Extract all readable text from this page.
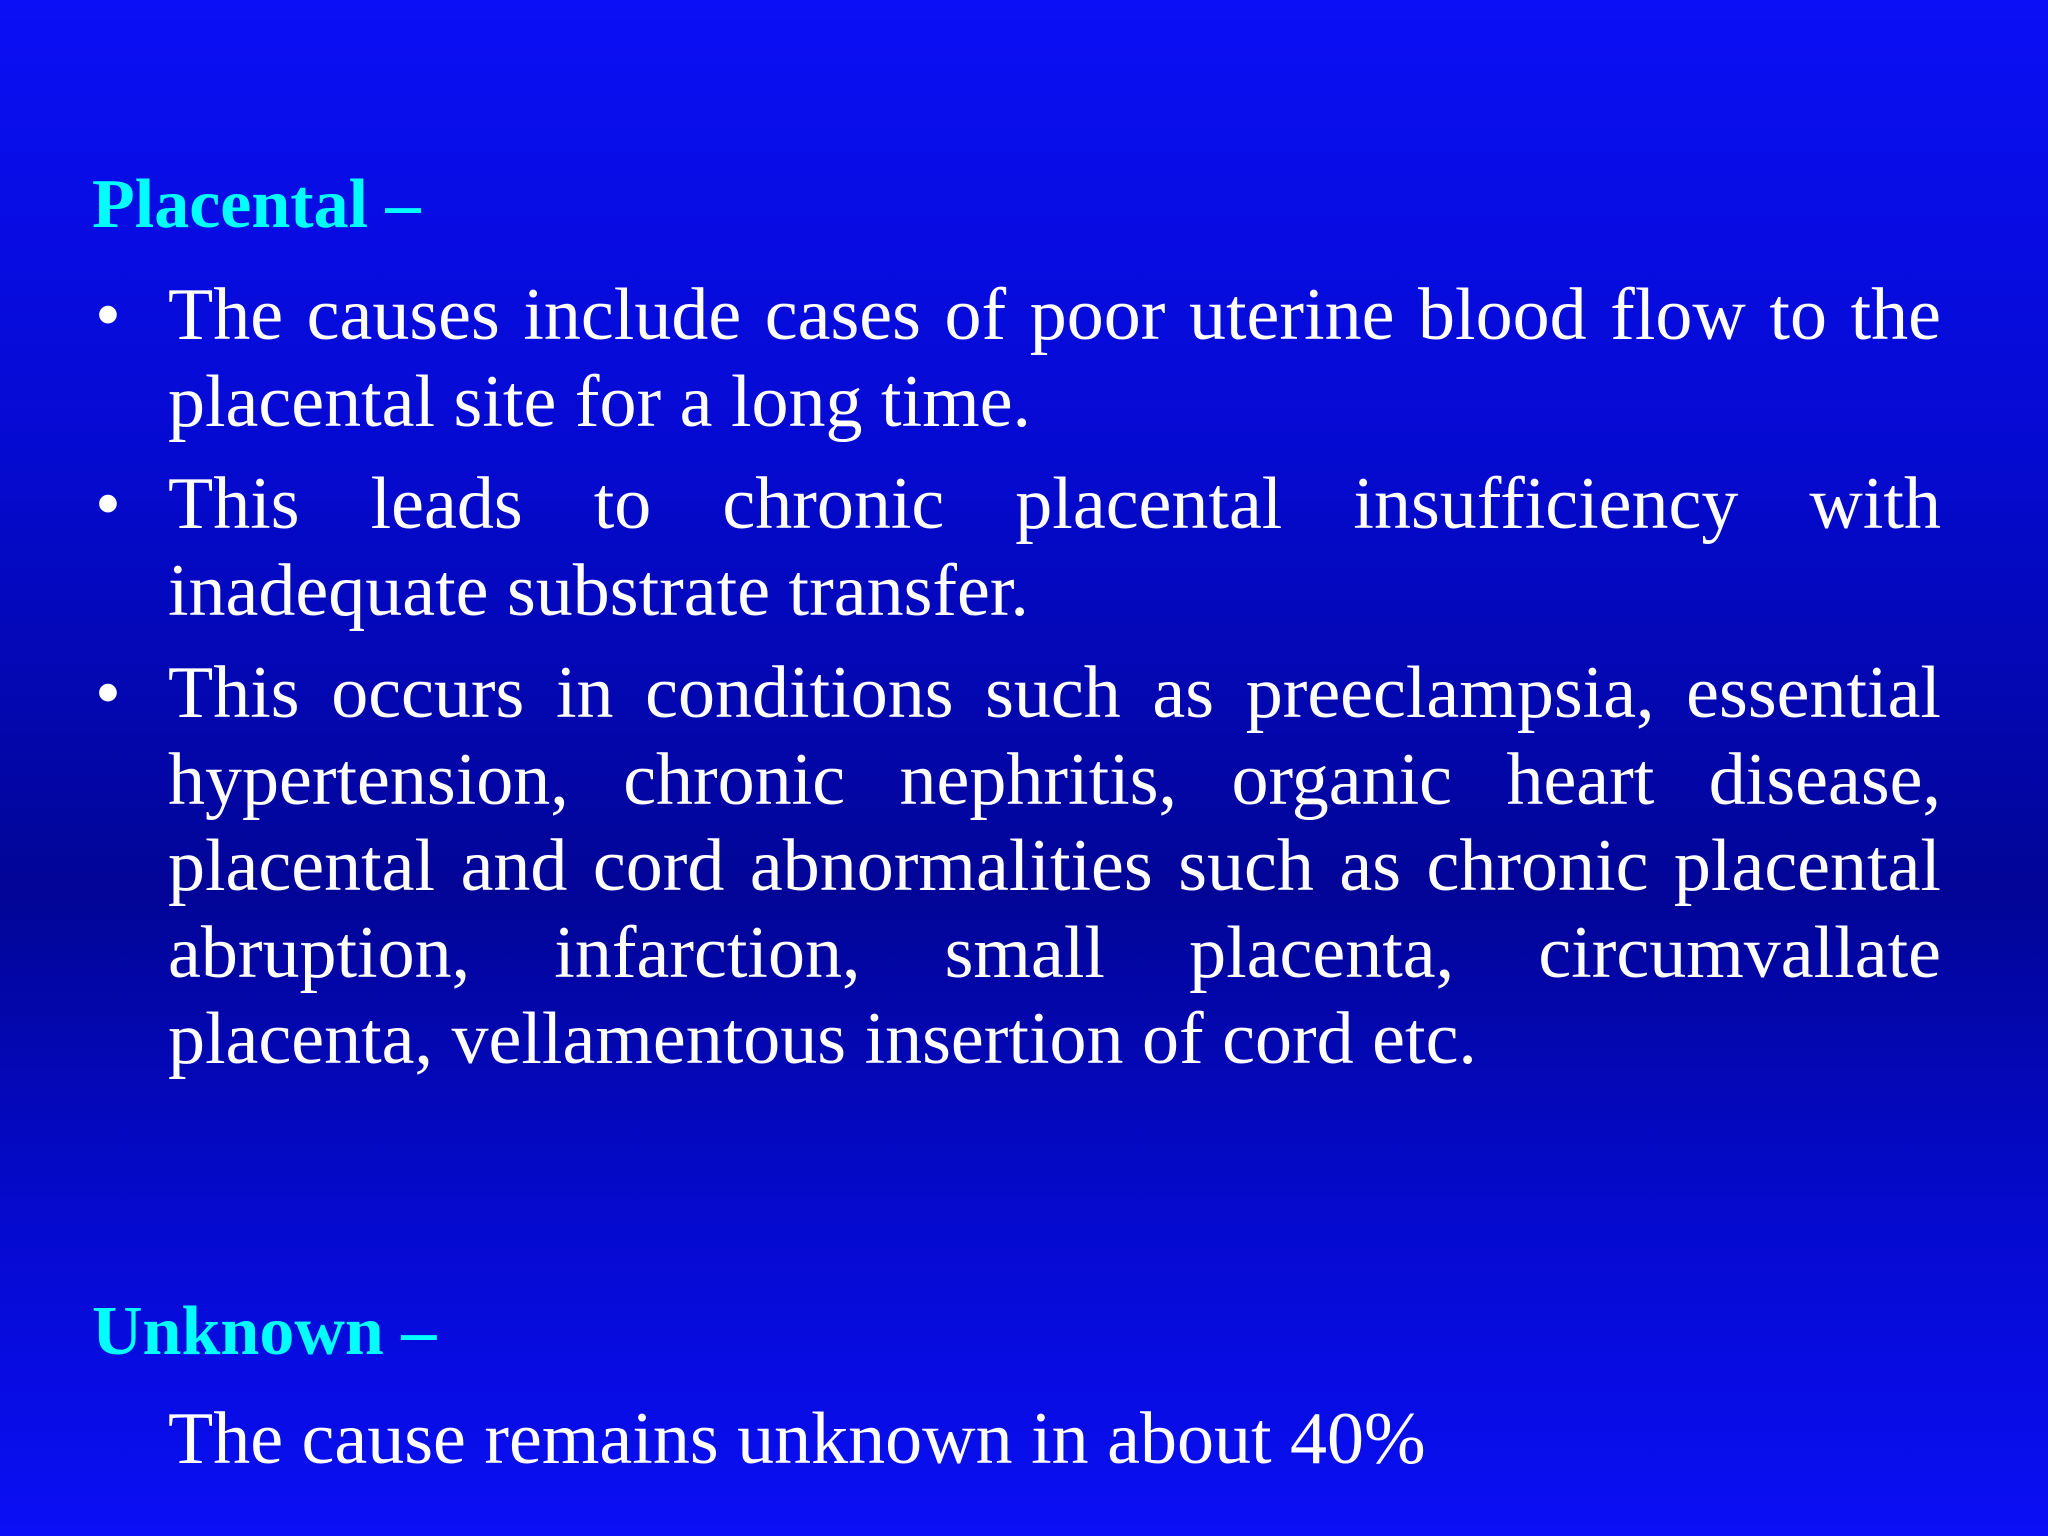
Placental –
• The causes include cases of poor uterine blood flow to the placental site for a long time.
• This leads to chronic placental insufficiency with inadequate substrate transfer.
• This occurs in conditions such as preeclampsia, essential hypertension, chronic nephritis, organic heart disease, placental and cord abnormalities such as chronic placental abruption, infarction, small placenta, circumvallate placenta, vellamentous insertion of cord etc.
Unknown –
The cause remains unknown in about 40%
